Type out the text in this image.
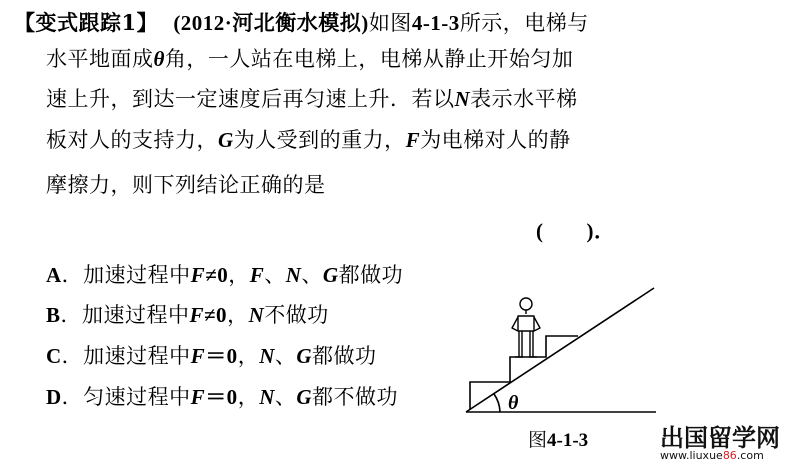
【变式跟踪1】 (2012·河北衡水模拟)如图4-1-3所示，电梯与
水平地面成θ角，一人站在电梯上，电梯从静止开始匀加
速上升，到达一定速度后再匀速上升．若以N表示水平梯
板对人的支持力，G为人受到的重力，F为电梯对人的静
摩擦力，则下列结论正确的是
(　　)．
A．加速过程中F≠0，F、N、G都做功
B．加速过程中F≠0，N不做功
C．加速过程中F＝0，N、G都做功
D．匀速过程中F＝0，N、G都不做功	θ
图4-1-3	出国留学网
www.liuxue86.com
